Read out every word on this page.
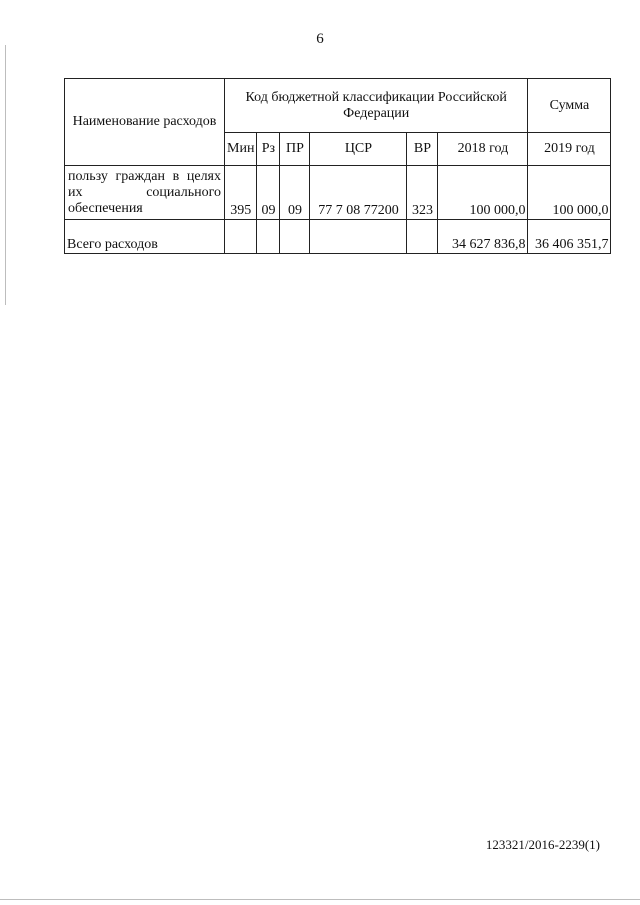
6
Наименование расходов	Код бюджетной классификации Российской Федерации						Сумма
	Мин	Рз	ПР	ЦСР	ВР	2018 год	2019 год
пользу граждан в целях их социального обеспечения	395	09	09	77 7 08 77200	323	100 000,0	100 000,0
Всего расходов						34 627 836,8	36 406 351,7
123321/2016-2239(1)
